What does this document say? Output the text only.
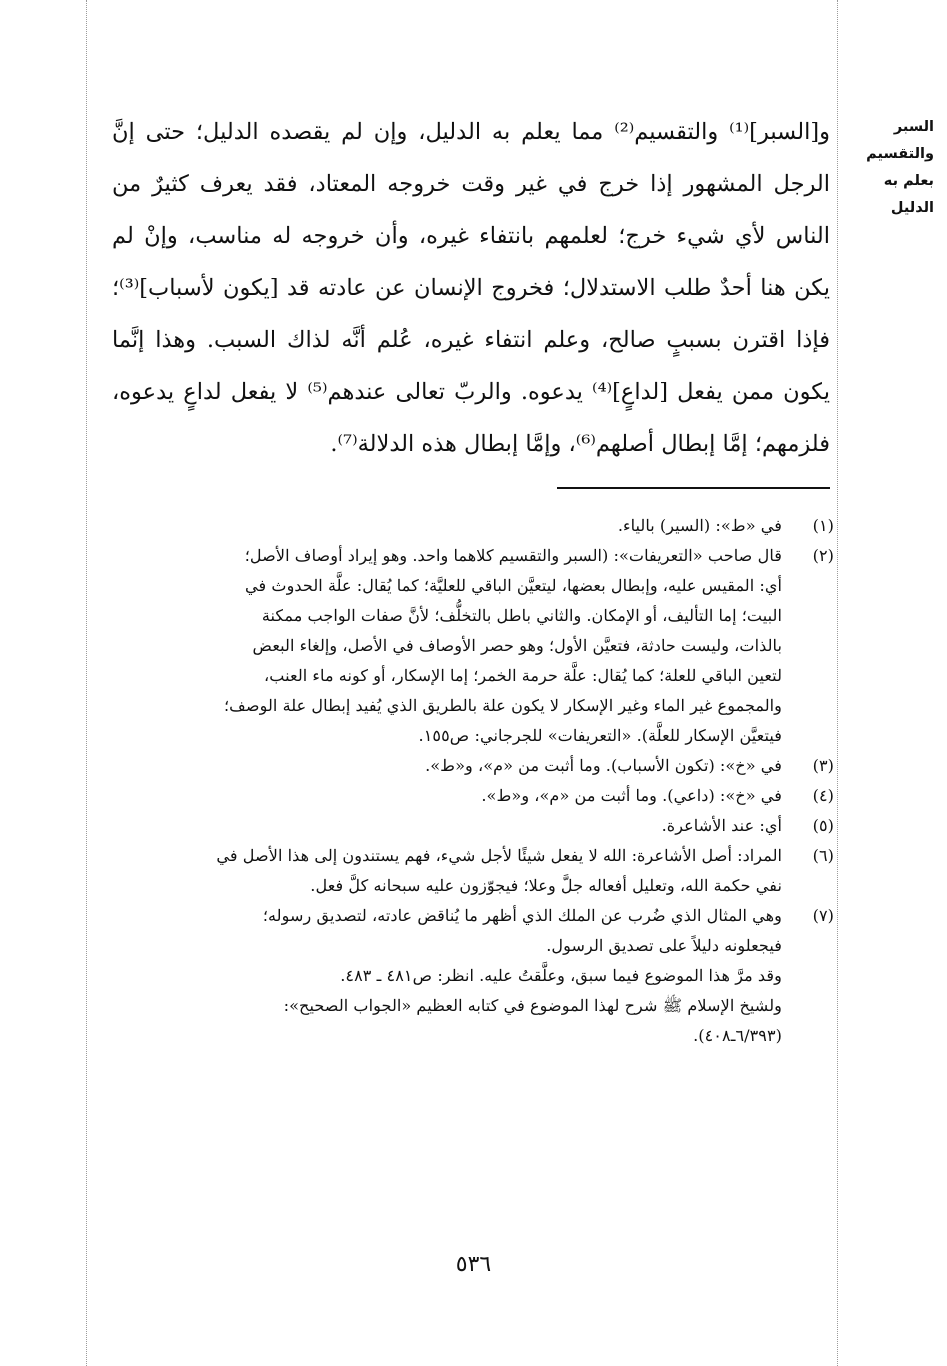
السبر والتقسيم
بعلم به الدليل

و[السبر]⁽¹⁾ والتقسيم⁽²⁾ مما يعلم به الدليل، وإن لم يقصده الدليل؛ حتى إنَّ الرجل المشهور إذا خرج في غير وقت خروجه المعتاد، فقد يعرف كثيرٌ من الناس لأي شيء خرج؛ لعلمهم بانتفاء غيره، وأن خروجه له مناسب، وإنْ لم يكن هنا أحدٌ طلب الاستدلال؛ فخروج الإنسان عن عادته قد [يكون لأسباب]⁽³⁾؛ فإذا اقترن بسببٍ صالح، وعلم انتفاء غيره، عُلم أنَّه لذاك السبب. وهذا إنَّما يكون ممن يفعل [لداعٍ]⁽⁴⁾ يدعوه. والربّ تعالى عندهم⁽⁵⁾ لا يفعل لداعٍ يدعوه، فلزمهم؛ إمَّا إبطال أصلهم⁽⁶⁾، وإمَّا إبطال هذه الدلالة⁽⁷⁾.

(١)
في «ط»: (السير) بالياء.
(٢)
قال صاحب «التعريفات»: (السبر والتقسيم كلاهما واحد. وهو إيراد أوصاف الأصل؛
أي: المقيس عليه، وإبطال بعضها، ليتعيَّن الباقي للعليَّة؛ كما يُقال: علَّة الحدوث في
البيت؛ إما التأليف، أو الإمكان. والثاني باطل بالتخلُّف؛ لأنَّ صفات الواجب ممكنة
بالذات، وليست حادثة، فتعيَّن الأول؛ وهو حصر الأوصاف في الأصل، وإلغاء البعض
لتعين الباقي للعلة؛ كما يُقال: علَّة حرمة الخمر؛ إما الإسكار، أو كونه ماء العنب،
والمجموع غير الماء وغير الإسكار لا يكون علة بالطريق الذي يُفيد إبطال علة الوصف؛
فيتعيَّن الإسكار للعلَّة). «التعريفات» للجرجاني: ص١٥٥.
(٣)
في «خ»: (تكون الأسباب). وما أثبت من «م»، و«ط».
(٤)
في «خ»: (داعي). وما أثبت من «م»، و«ط».
(٥)
أي: عند الأشاعرة.
(٦)
المراد: أصل الأشاعرة: الله لا يفعل شيئًا لأجل شيء، فهم يستندون إلى هذا الأصل في
نفي حكمة الله، وتعليل أفعاله جلَّ وعلا؛ فيجوّزون عليه سبحانه كلَّ فعل.
(٧)
وهي المثال الذي ضُرب عن الملك الذي أظهر ما يُناقض عادته، لتصديق رسوله؛
فيجعلونه دليلاً على تصديق الرسول.
وقد مرَّ هذا الموضوع فيما سبق، وعلَّقتُ عليه. انظر: ص٤٨١ ـ ٤٨٣.
ولشيخ الإسلام ﷺ شرح لهذا الموضوع في كتابه العظيم «الجواب الصحيح»:
(٦/٣٩٣ـ٤٠٨).
٥٣٦
